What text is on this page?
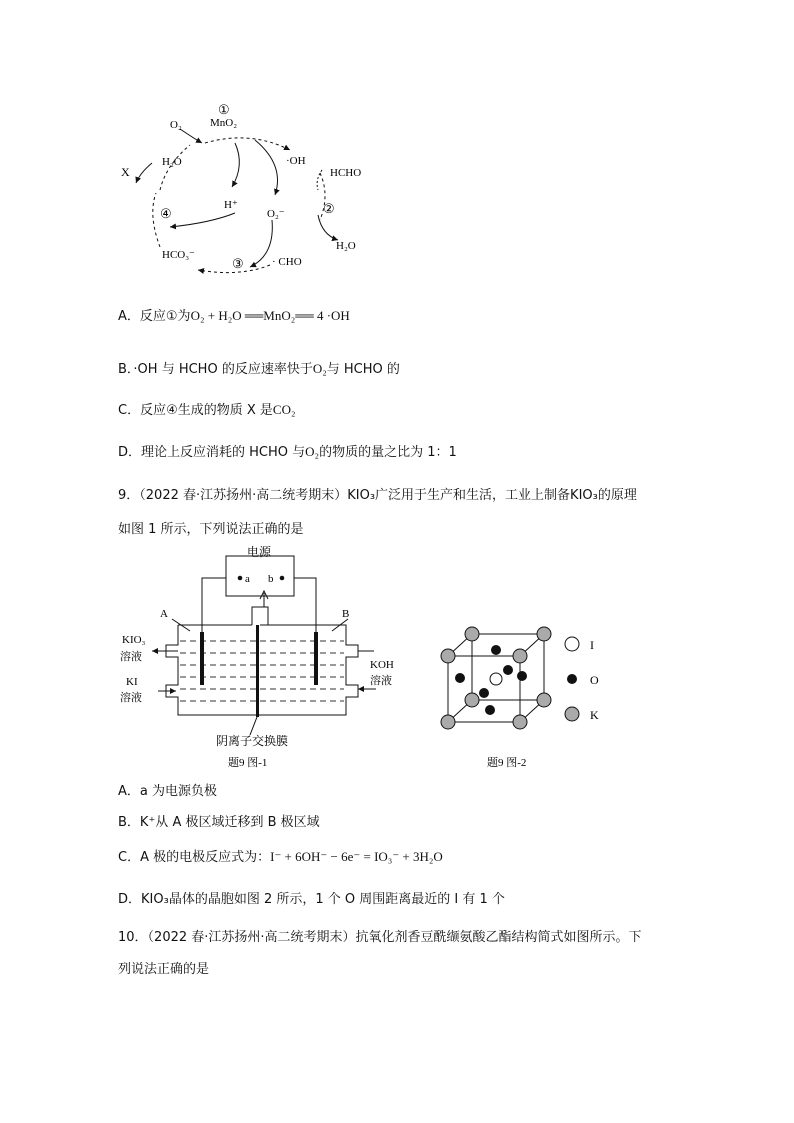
①
MnO₂
O₂
H₂O	·OH
HCHO
X
④
H⁺	②
O₂⁻
H₂O
HCO₃⁻
③	· CHO
A．反应①为O₂ + H₂O ══MnO₂══ 4 ·OH
B．·OH 与 HCHO 的反应速率快于O₂与 HCHO 的
C．反应④生成的物质 X 是CO₂
D．理论上反应消耗的 HCHO 与O₂的物质的量之比为 1：1
9．（2022 春·江苏扬州·高二统考期末）KIO₃广泛用于生产和生活，工业上制备KIO₃的原理
如图 1 所示，下列说法正确的是
电源
a b
A	B
KIO₃
溶液
KI
溶液
KOH
溶液
阴离子交换膜
题9 图-1
I
O
K
题9 图-2
A．a 为电源负极
B．K⁺从 A 极区域迁移到 B 极区域
C．A 极的电极反应式为：I⁻ + 6OH⁻ − 6e⁻ = IO₃⁻ + 3H₂O
D．KIO₃晶体的晶胞如图 2 所示，1 个 O 周围距离最近的 I 有 1 个
10．（2022 春·江苏扬州·高二统考期末）抗氧化剂香豆酰缬氨酸乙酯结构简式如图所示。下
列说法正确的是
